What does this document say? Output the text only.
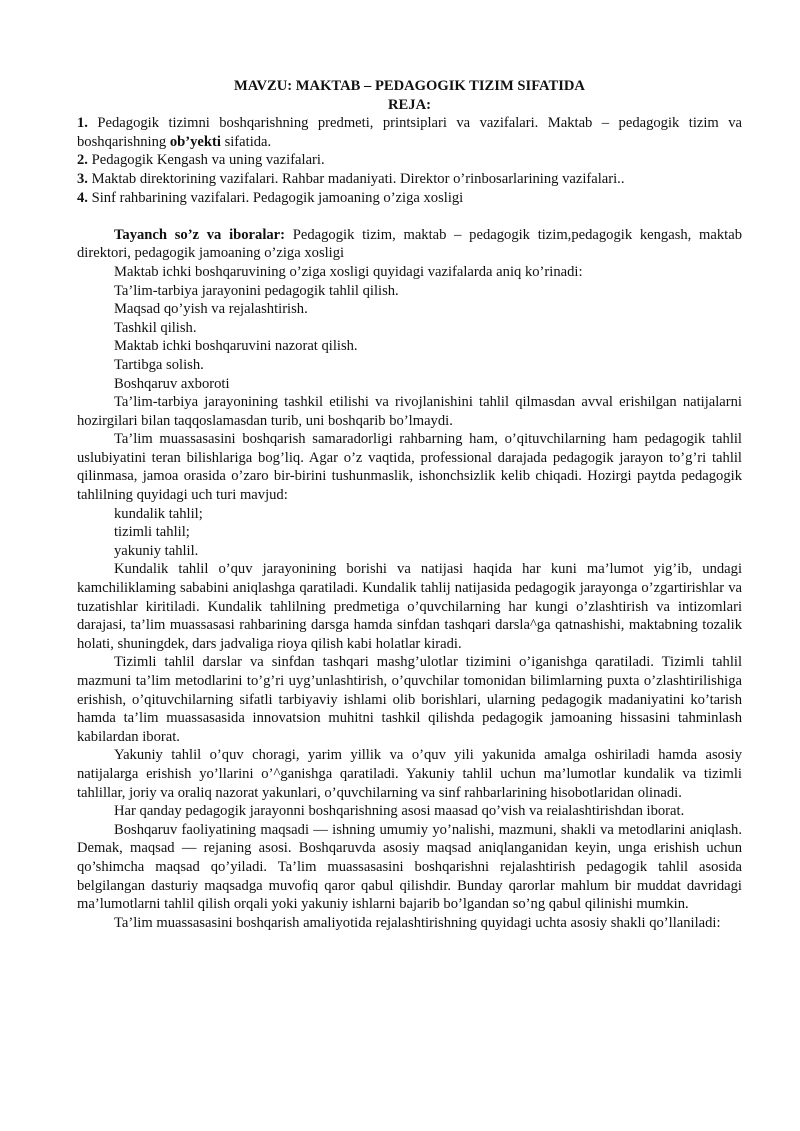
MAVZU: MAKTAB – PEDAGOGIK TIZIM SIFATIDA

REJA:

1. Pedagogik tizimni boshqarishning predmeti, printsiplari va vazifalari. Maktab – pedagogik tizim va boshqarishning ob’yekti sifatida.

2. Pedagogik Kengash va uning vazifalari.

3. Maktab direktorining vazifalari. Rahbar madaniyati. Direktor o’rinbosarlarining vazifalari..

4. Sinf rahbarining vazifalari. Pedagogik jamoaning o’ziga xosligi

Tayanch so’z va iboralar: Pedagogik tizim, maktab – pedagogik tizim,pedagogik kengash, maktab direktori, pedagogik jamoaning o’ziga xosligi

Maktab ichki boshqaruvining o’ziga xosligi quyidagi vazifalarda aniq ko’rinadi:

Ta’lim-tarbiya jarayonini pedagogik tahlil qilish.

Maqsad qo’yish va rejalashtirish.

Tashkil qilish.

Maktab ichki boshqaruvini nazorat qilish.

Tartibga solish.

Boshqaruv axboroti

Ta’lim-tarbiya jarayonining tashkil etilishi va rivojlanishini tahlil qilmasdan avval erishilgan natijalarni hozirgilari bilan taqqoslamasdan turib, uni boshqarib bo’lmaydi.

Ta’lim muassasasini boshqarish samaradorligi rahbarning ham, o’qituvchilarning ham pedagogik tahlil uslubiyatini teran bilishlariga bog’liq. Agar o’z vaqtida, professional darajada pedagogik jarayon to’g’ri tahlil qilinmasa, jamoa orasida o’zaro bir-birini tushunmaslik, ishonchsizlik kelib chiqadi. Hozirgi paytda pedagogik tahlilning quyidagi uch turi mavjud:

kundalik tahlil;

tizimli tahlil;

yakuniy tahlil.

Kundalik tahlil o’quv jarayonining borishi va natijasi haqida har kuni ma’lumot yig’ib, undagi kamchiliklaming sababini aniqlashga qaratiladi. Kundalik tahlij natijasida pedagogik jarayonga o’zgartirishlar va tuzatishlar kiritiladi. Kundalik tahlilning predmetiga o’quvchilarning har kungi o’zlashtirish va intizomlari darajasi, ta’lim muassasasi rahbarining darsga hamda sinfdan tashqari darsla^ga qatnashishi, maktabning tozalik holati, shuningdek, dars jadvaliga rioya qilish kabi holatlar kiradi.

Tizimli tahlil darslar va sinfdan tashqari mashg’ulotlar tizimini o’iganishga qaratiladi. Tizimli tahlil mazmuni ta’lim metodlarini to’g’ri uyg’unlashtirish, o’quvchilar tomonidan bilimlarning puxta o’zlashtirilishiga erishish, o’qituvchilarning sifatli tarbiyaviy ishlami olib borishlari, ularning pedagogik madaniyatini ko’tarish hamda ta’lim muassasasida innovatsion muhitni tashkil qilishda pedagogik jamoaning hissasini tahminlash kabilardan iborat.

Yakuniy tahlil o’quv choragi, yarim yillik va o’quv yili yakunida amalga oshiriladi hamda asosiy natijalarga erishish yo’llarini o’^ganishga qaratiladi. Yakuniy tahlil uchun ma’lumotlar kundalik va tizimli tahlillar, joriy va oraliq nazorat yakunlari, o’quvchilarning va sinf rahbarlarining hisobotlaridan olinadi.

Har qanday pedagogik jarayonni boshqarishning asosi maasad qo’vish va reialashtirishdan iborat.

Boshqaruv faoliyatining maqsadi — ishning umumiy yo’nalishi, mazmuni, shakli va metodlarini aniqlash. Demak, maqsad — rejaning asosi. Boshqaruvda asosiy maqsad aniqlanganidan keyin, unga erishish uchun qo’shimcha maqsad qo’yiladi. Ta’lim muassasasini boshqarishni rejalashtirish pedagogik tahlil asosida belgilangan dasturiy maqsadga muvofiq qaror qabul qilishdir. Bunday qarorlar mahlum bir muddat davridagi ma’lumotlarni tahlil qilish orqali yoki yakuniy ishlarni bajarib bo’lgandan so’ng qabul qilinishi mumkin.

Ta’lim muassasasini boshqarish amaliyotida rejalashtirishning quyidagi uchta asosiy shakli qo’llaniladi:
